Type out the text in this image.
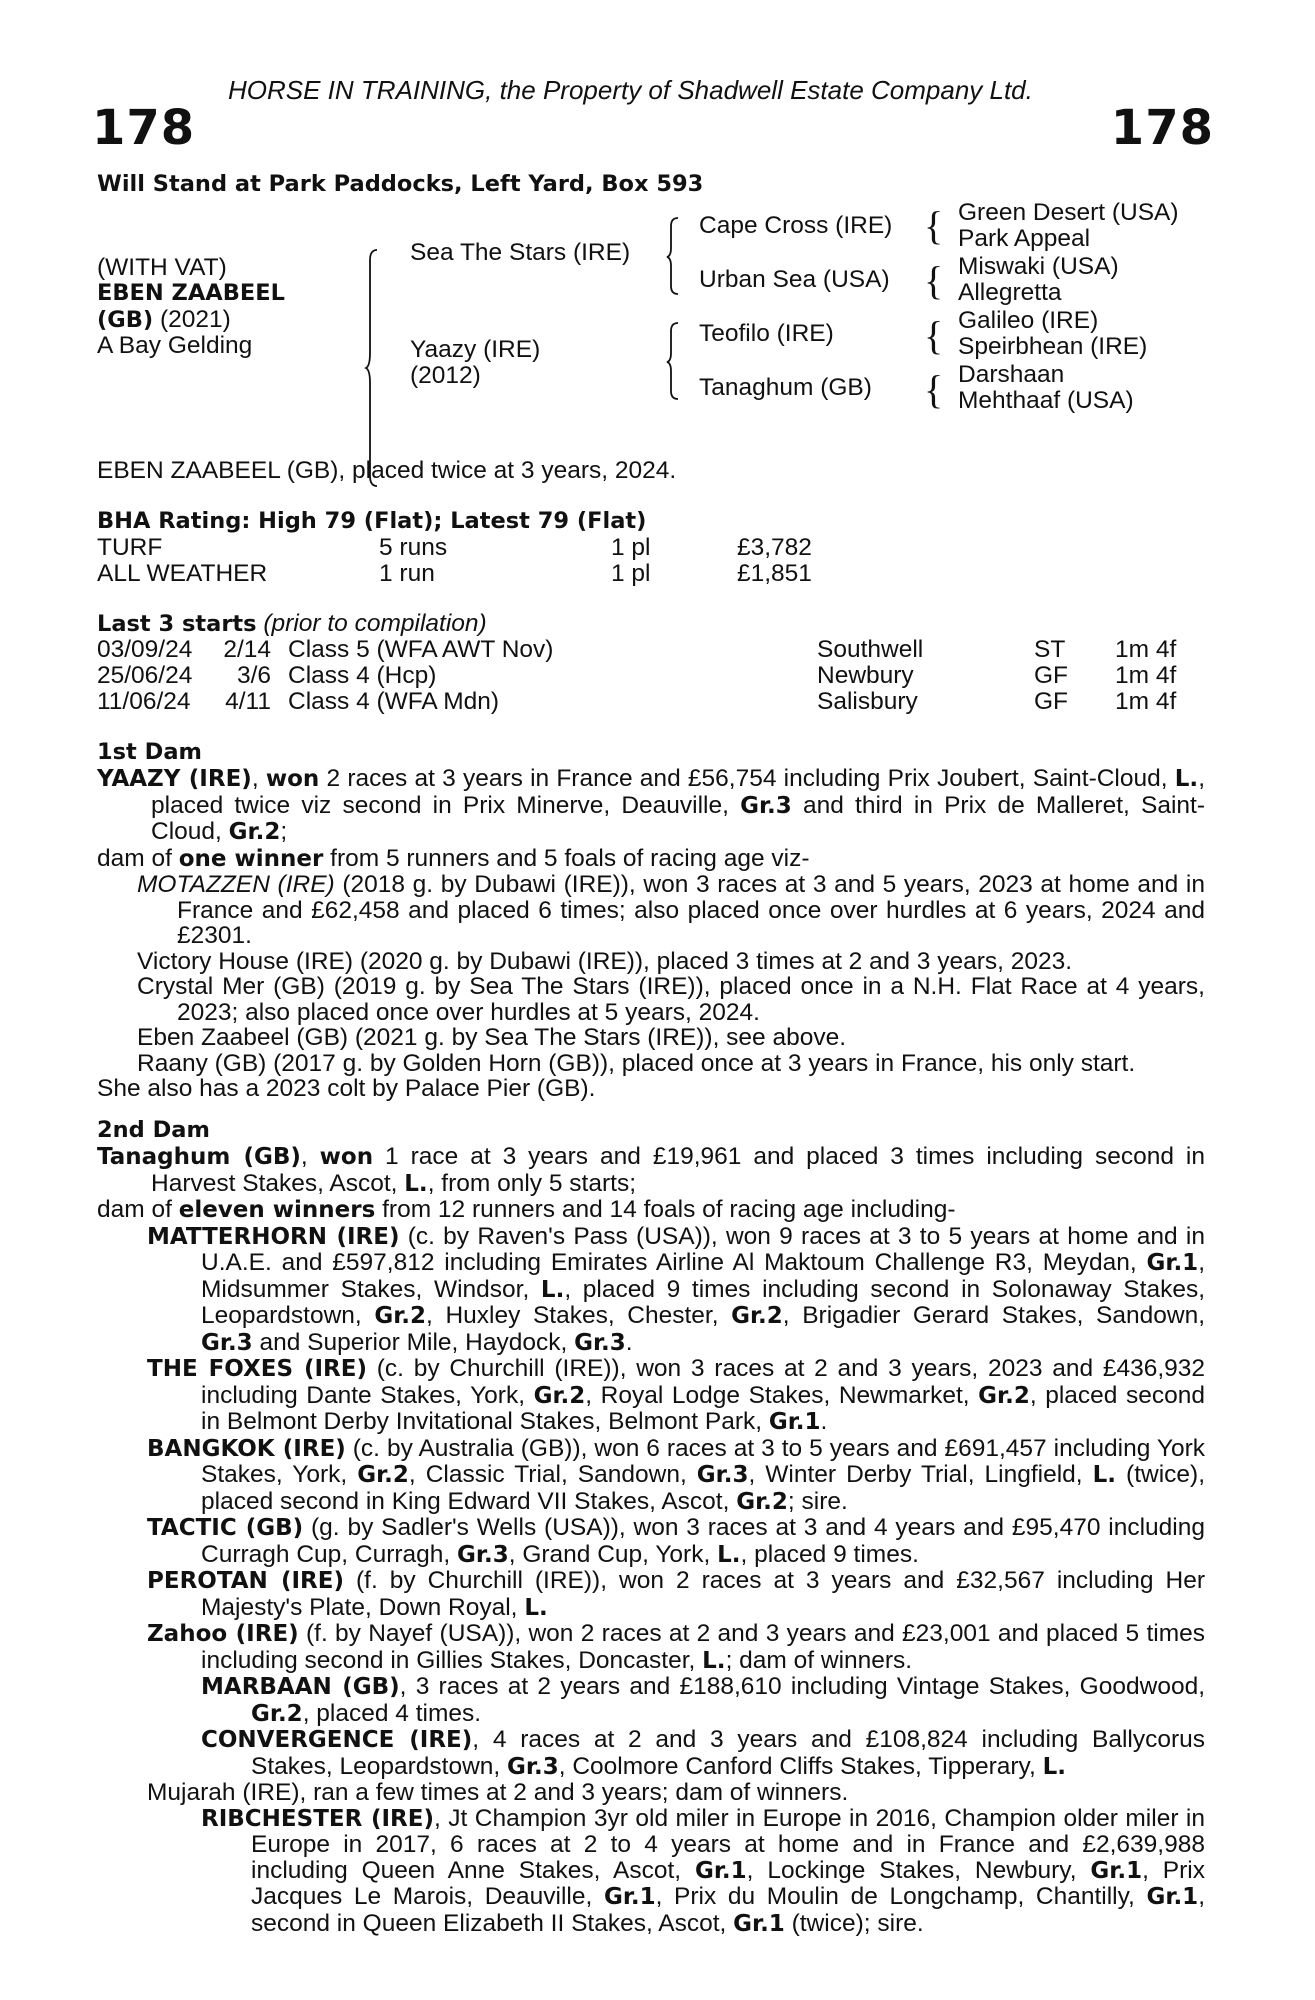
HORSE IN TRAINING, the Property of Shadwell Estate Company Ltd.
178	178
Will Stand at Park Paddocks, Left Yard, Box 593
(WITH VAT)
EBEN ZAABEEL
(GB) (2021)
A Bay Gelding
Sea The Stars (IRE)
Yaazy (IRE)
(2012)
Cape Cross (IRE)
Urban Sea (USA)
Teofilo (IRE)
Tanaghum (GB)
{
{
{
{
Green Desert (USA)
Park Appeal
Miswaki (USA)
Allegretta
Galileo (IRE)
Speirbhean (IRE)
Darshaan
Mehthaaf (USA)
EBEN ZAABEEL (GB), placed twice at 3 years, 2024.
BHA Rating: High 79 (Flat); Latest 79 (Flat)
TURF	5 runs	1 pl	£3,782
ALL WEATHER	1 run	1 pl	£1,851
Last 3 starts (prior to compilation)
03/09/24	2/14 Class 5 (WFA AWT Nov)	Southwell	ST 1m 4f
25/06/24	3/6 Class 4 (Hcp)	Newbury	GF 1m 4f
11/06/24	4/11 Class 4 (WFA Mdn)	Salisbury	GF 1m 4f
1st Dam

YAAZY (IRE), won 2 races at 3 years in France and £56,754 including Prix Joubert, Saint-Cloud, L., placed twice viz second in Prix Minerve, Deauville, Gr.3 and third in Prix de Malleret, Saint-Cloud, Gr.2;

dam of one winner from 5 runners and 5 foals of racing age viz-

MOTAZZEN (IRE) (2018 g. by Dubawi (IRE)), won 3 races at 3 and 5 years, 2023 at home and in France and £62,458 and placed 6 times; also placed once over hurdles at 6 years, 2024 and £2301.

Victory House (IRE) (2020 g. by Dubawi (IRE)), placed 3 times at 2 and 3 years, 2023.

Crystal Mer (GB) (2019 g. by Sea The Stars (IRE)), placed once in a N.H. Flat Race at 4 years, 2023; also placed once over hurdles at 5 years, 2024.

Eben Zaabeel (GB) (2021 g. by Sea The Stars (IRE)), see above.

Raany (GB) (2017 g. by Golden Horn (GB)), placed once at 3 years in France, his only start.

She also has a 2023 colt by Palace Pier (GB).

2nd Dam

Tanaghum (GB), won 1 race at 3 years and £19,961 and placed 3 times including second in Harvest Stakes, Ascot, L., from only 5 starts;

dam of eleven winners from 12 runners and 14 foals of racing age including-

MATTERHORN (IRE) (c. by Raven's Pass (USA)), won 9 races at 3 to 5 years at home and in U.A.E. and £597,812 including Emirates Airline Al Maktoum Challenge R3, Meydan, Gr.1, Midsummer Stakes, Windsor, L., placed 9 times including second in Solonaway Stakes, Leopardstown, Gr.2, Huxley Stakes, Chester, Gr.2, Brigadier Gerard Stakes, Sandown, Gr.3 and Superior Mile, Haydock, Gr.3.

THE FOXES (IRE) (c. by Churchill (IRE)), won 3 races at 2 and 3 years, 2023 and £436,932 including Dante Stakes, York, Gr.2, Royal Lodge Stakes, Newmarket, Gr.2, placed second in Belmont Derby Invitational Stakes, Belmont Park, Gr.1.

BANGKOK (IRE) (c. by Australia (GB)), won 6 races at 3 to 5 years and £691,457 including York Stakes, York, Gr.2, Classic Trial, Sandown, Gr.3, Winter Derby Trial, Lingfield, L. (twice), placed second in King Edward VII Stakes, Ascot, Gr.2; sire.

TACTIC (GB) (g. by Sadler's Wells (USA)), won 3 races at 3 and 4 years and £95,470 including Curragh Cup, Curragh, Gr.3, Grand Cup, York, L., placed 9 times.

PEROTAN (IRE) (f. by Churchill (IRE)), won 2 races at 3 years and £32,567 including Her Majesty's Plate, Down Royal, L.

Zahoo (IRE) (f. by Nayef (USA)), won 2 races at 2 and 3 years and £23,001 and placed 5 times including second in Gillies Stakes, Doncaster, L.; dam of winners.

MARBAAN (GB), 3 races at 2 years and £188,610 including Vintage Stakes, Goodwood, Gr.2, placed 4 times.

CONVERGENCE (IRE), 4 races at 2 and 3 years and £108,824 including Ballycorus Stakes, Leopardstown, Gr.3, Coolmore Canford Cliffs Stakes, Tipperary, L.

Mujarah (IRE), ran a few times at 2 and 3 years; dam of winners.

RIBCHESTER (IRE), Jt Champion 3yr old miler in Europe in 2016, Champion older miler in Europe in 2017, 6 races at 2 to 4 years at home and in France and £2,639,988 including Queen Anne Stakes, Ascot, Gr.1, Lockinge Stakes, Newbury, Gr.1, Prix Jacques Le Marois, Deauville, Gr.1, Prix du Moulin de Longchamp, Chantilly, Gr.1, second in Queen Elizabeth II Stakes, Ascot, Gr.1 (twice); sire.
